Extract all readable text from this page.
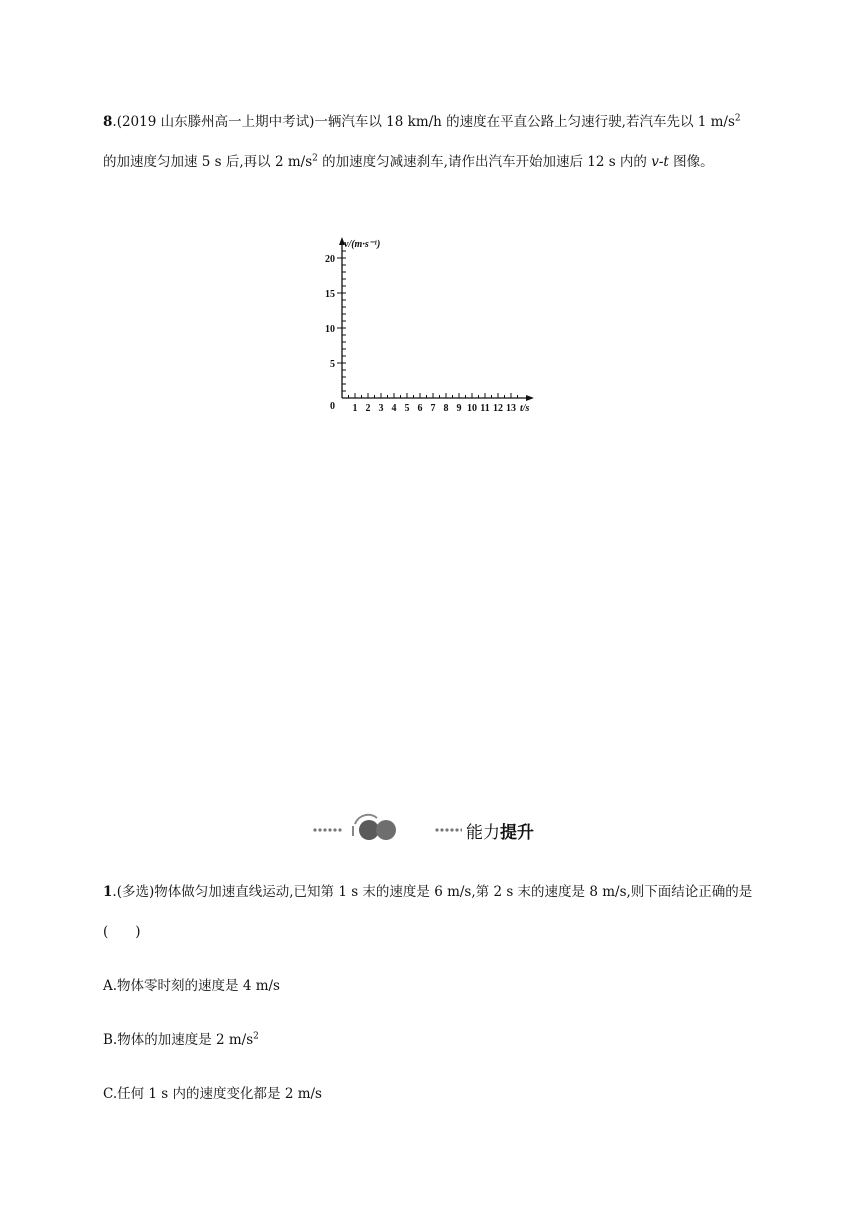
8.(2019 山东滕州高一上期中考试)一辆汽车以 18 km/h 的速度在平直公路上匀速行驶,若汽车先以 1 $m/s^2$ 的加速度匀加速 5 s 后,再以 2 $m/s^2$ 的加速度匀减速刹车,请作出汽车开始加速后 12 s 内的 v-t 图像。
v/(m·s⁻¹)
t/s
0 1 2 3 4 5 6 7 8 9 10 11 12 13
5
10
15
20
能力提升
1.(多选)物体做匀加速直线运动,已知第 1 s 末的速度是 6 m/s,第 2 s 末的速度是 8 m/s,则下面结论正确的是(　　)
A.物体零时刻的速度是 4 m/s
B.物体的加速度是 2 $m/s^2$
C.任何 1 s 内的速度变化都是 2 m/s
